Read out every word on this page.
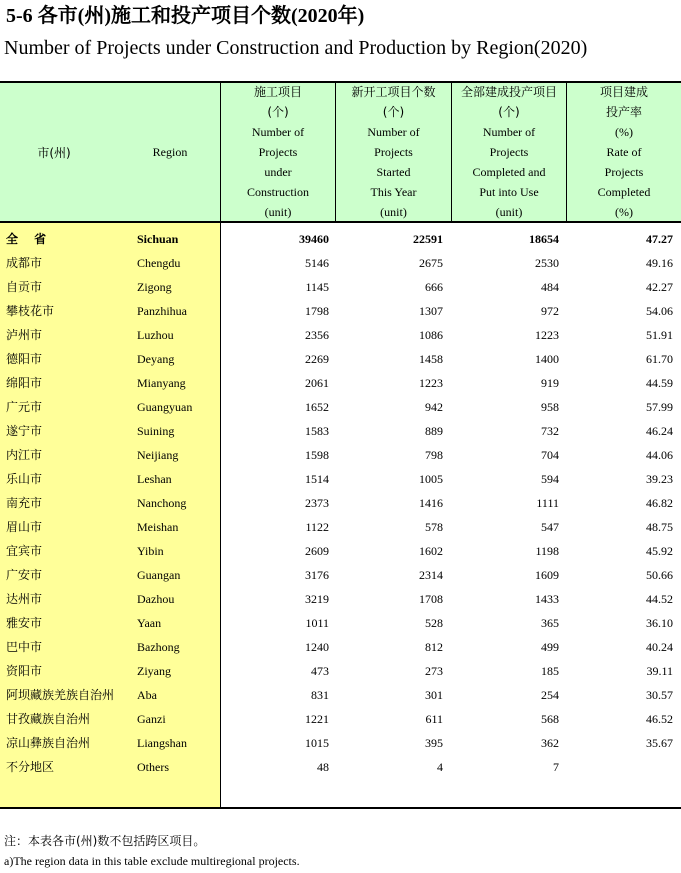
5-6 各市(州)施工和投产项目个数(2020年)
Number of Projects under Construction and Production by Region(2020)
市(州)	Region
施工项目
(个)
Number of
Projects
under
Construction
(unit)
新开工项目个数
(个)
Number of
Projects
Started
This Year
(unit)
全部建成投产项目
(个)
Number of
Projects
Completed and
Put into Use
(unit)
项目建成
投产率
(%)
Rate of
Projects
Completed
(%)
全 省	Sichuan	39460	22591	18654	47.27
成都市	Chengdu	5146	2675	2530	49.16
自贡市	Zigong	1145	666	484	42.27
攀枝花市	Panzhihua	1798	1307	972	54.06
泸州市	Luzhou	2356	1086	1223	51.91
德阳市	Deyang	2269	1458	1400	61.70
绵阳市	Mianyang	2061	1223	919	44.59
广元市	Guangyuan	1652	942	958	57.99
遂宁市	Suining	1583	889	732	46.24
内江市	Neijiang	1598	798	704	44.06
乐山市	Leshan	1514	1005	594	39.23
南充市	Nanchong	2373	1416	1111	46.82
眉山市	Meishan	1122	578	547	48.75
宜宾市	Yibin	2609	1602	1198	45.92
广安市	Guangan	3176	2314	1609	50.66
达州市	Dazhou	3219	1708	1433	44.52
雅安市	Yaan	1011	528	365	36.10
巴中市	Bazhong	1240	812	499	40.24
资阳市	Ziyang	473	273	185	39.11
阿坝藏族羌族自治州 Aba	831	301	254	30.57
甘孜藏族自治州	Ganzi	1221	611	568	46.52
凉山彝族自治州	Liangshan	1015	395	362	35.67
不分地区	Others	48	4	7
注：本表各市(州)数不包括跨区项目。
a)The region data in this table exclude multiregional projects.
